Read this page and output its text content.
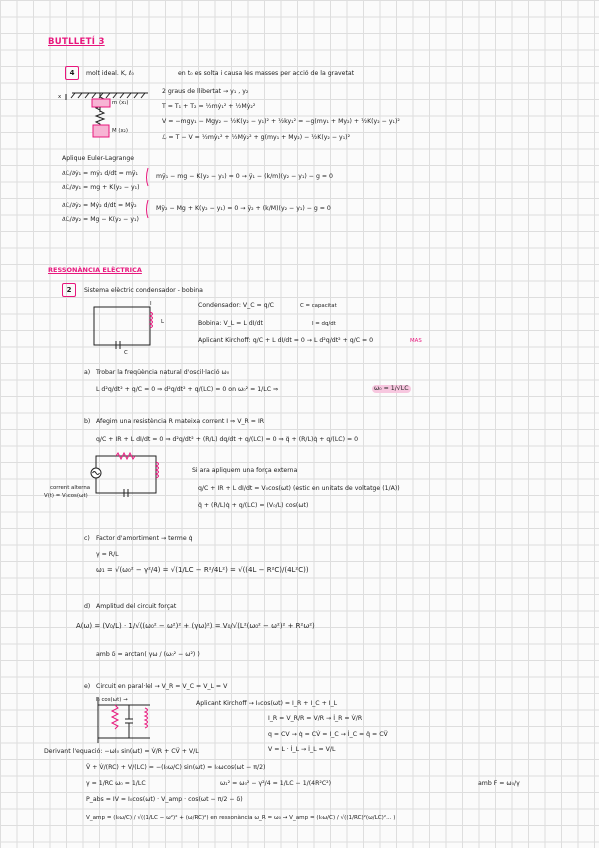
BUTLLETÍ 3
4	molt ideal. K, ℓ₀	en t₀ es solta i causa les masses per acció de la gravetat
m (x₁)
M (x₂)
x
2 graus de llibertat → y₁ , y₂
T = T₁ + T₂ = ½mẏ₁² + ½Mẏ₂²
V = −mgy₁ − Mgy₂ − ½K(y₂ − y₁)² + ½ky₁² = −g(my₁ + My₂) + ½K(y₂ − y₁)²
ℒ = T − V = ½mẏ₁² + ½Mẏ₂² + g(my₁ + My₂) − ½K(y₂ − y₁)²
Aplique Euler-Lagrange
∂ℒ/∂ẏ₁ = mẏ₁ d/dt = mÿ₁
∂ℒ/∂y₁ = mg + K(y₂ − y₁)
∂ℒ/∂ẏ₂ = Mẏ₂ d/dt = Mÿ₂
∂ℒ/∂y₂ = Mg − K(y₂ − y₁)
mÿ₁ − mg − K(y₂ − y₁) = 0 → ÿ₁ − (k/m)(y₂ − y₁) − g = 0
Mÿ₂ − Mg + K(y₂ − y₁) = 0 → ÿ₂ + (k/M)(y₂ − y₁) − g = 0
RESSONÀNCIA ELÈCTRICA
2	Sistema elèctric condensador - bobina
L
C
I	Condensador: V_C = q/C	C = capacitat
Bobina: V_L = L dI/dt	I = dq/dt
Aplicant Kirchoff: q/C + L dI/dt = 0 → L d²q/dt² + q/C = 0	MAS
a) Trobar la freqüència natural d'oscil·lació ω₀
L d²q/dt² + q/C = 0 ⇒ d²q/dt² + q/(LC) = 0 on ω₀² = 1/LC ⇒	ω₀ = 1/√LC
b) Afegim una resistència R mateixa corrent I ⇒ V_R = IR
q/C + IR + L dI/dt = 0 ⇒ d²q/dt² + (R/L) dq/dt + q/(LC) = 0 ⇒ q̈ + (R/L)q̇ + q/(LC) = 0
corrent alterna
V(t) = V₀cos(ωt)
Si ara apliquem una força externa
q/C + IR + L dI/dt = V₀cos(ωt) (estic en unitats de voltatge (1/A))
q̈ + (R/L)q̇ + q/(LC) = (V₀/L) cos(ωt)
c) Factor d'amortiment → terme q̇
γ = R/L
ω₁ = √(ω₀² − γ²/4) = √(1/LC − R²/4L²) = √((4L − R²C)/(4L²C))
d) Amplitud del circuit forçat
A(ω) = (V₀/L) · 1/√((ω₀² − ω²)² + (γω)²) = V₀/√(L²(ω₀² − ω²)² + R²ω²)
amb δ = arctan( γω / (ω₀² − ω²) )
e) Circuit en paral·lel → V_R = V_C = V_L = V
I₀ cos(ωt) →	Aplicant Kirchoff → I₀cos(ωt) = I_R + I_C + I_L
I_R = V_R/R = V/R → İ_R = V̇/R
q = CV → q̇ = CV̇ = I_C → İ_C = q̈ = CV̈
V = L · İ_L → İ_L = V/L
Derivant l'equació: −ωI₀ sin(ωt) = V̇/R + CV̈ + V/L
V̈ + V̇/(RC) + V/(LC) = −(I₀ω/C) sin(ωt) = I₀ωcos(ωt − π/2)
γ = 1/RC ω₀ = 1/LC	ω₁² = ω₀² − γ²/4 = 1/LC − 1/(4R²C²)	amb F = ω₀/γ
P_abs = IV = I₀cos(ωt) · V_amp · cos(ωt − π/2 − δ)
V_amp = (I₀ω/C) / √((1/LC − ω²)² + (ω/RC)²) en ressonància ω_R = ω₀ → V_amp = (I₀ω/C) / √((1/RC)²(ω/LC)²... )
